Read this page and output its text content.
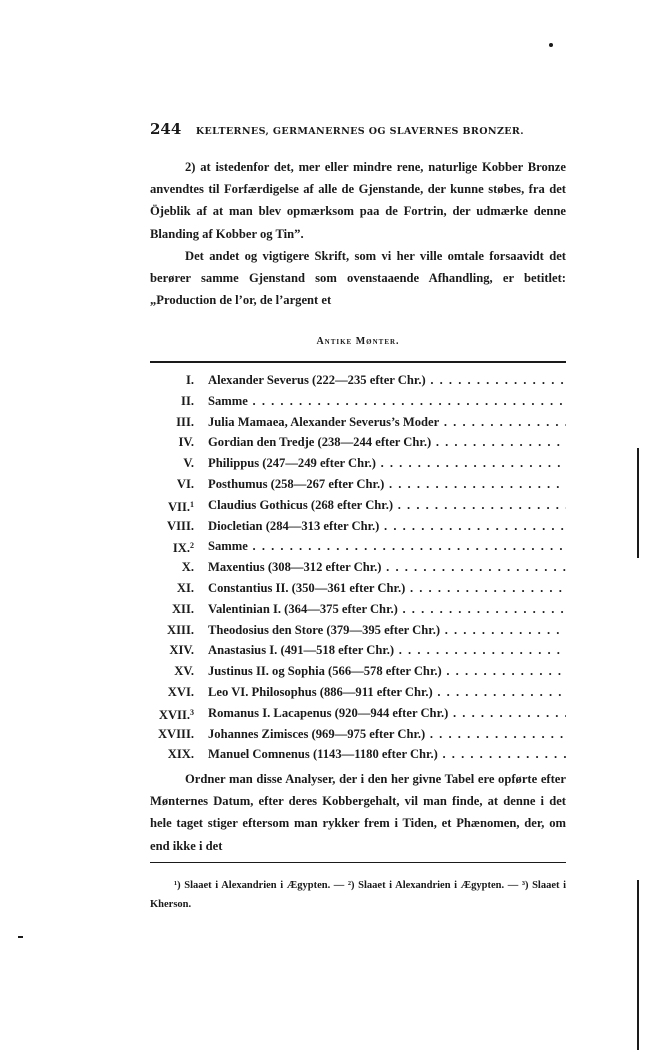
244 KELTERNES, GERMANERNES OG SLAVERNES BRONZER.

2) at istedenfor det, mer eller mindre rene, naturlige Kobber Bronze anvendtes til Forfærdigelse af alle de Gjenstande, der kunne støbes, fra det Öjeblik af at man blev opmærksom paa de Fortrin, der udmærke denne Blanding af Kobber og Tin”.

Det andet og vigtigere Skrift, som vi her ville omtale forsaavidt det berører samme Gjenstand som ovenstaaende Afhandling, er betitlet: „Production de l’or, de l’argent et

Antike Mønter.
I. Alexander Severus (222—235 efter Chr.) . . .
II. Samme . . .
III. Julia Mamaea, Alexander Severus’s Moder . . .
IV. Gordian den Tredje (238—244 efter Chr.) . . .
V. Philippus (247—249 efter Chr.) . . .
VI. Posthumus (258—267 efter Chr.) . . .
VII.$^1$ Claudius Gothicus (268 efter Chr.) . . .
VIII. Diocletian (284—313 efter Chr.) . . .
IX.$^2$ Samme . . .
X. Maxentius (308—312 efter Chr.) . . .
XI. Constantius II. (350—361 efter Chr.) . . .
XII. Valentinian I. (364—375 efter Chr.) . . .
XIII. Theodosius den Store (379—395 efter Chr.) . . .
XIV. Anastasius I. (491—518 efter Chr.) . . .
XV. Justinus II. og Sophia (566—578 efter Chr.) . . .
XVI. Leo VI. Philosophus (886—911 efter Chr.) . . .
XVII.$^3$ Romanus I. Lacapenus (920—944 efter Chr.) . . .
XVIII. Johannes Zimisces (969—975 efter Chr.) . . .
XIX. Manuel Comnenus (1143—1180 efter Chr.) . . .

Ordner man disse Analyser, der i den her givne Tabel ere opførte efter Mønternes Datum, efter deres Kobbergehalt, vil man finde, at denne i det hele taget stiger eftersom man rykker frem i Tiden, et Phænomen, der, om end ikke i det

¹) Slaaet i Alexandrien i Ægypten. — ²) Slaaet i Alexandrien i Ægypten. — ³) Slaaet i Kherson.
